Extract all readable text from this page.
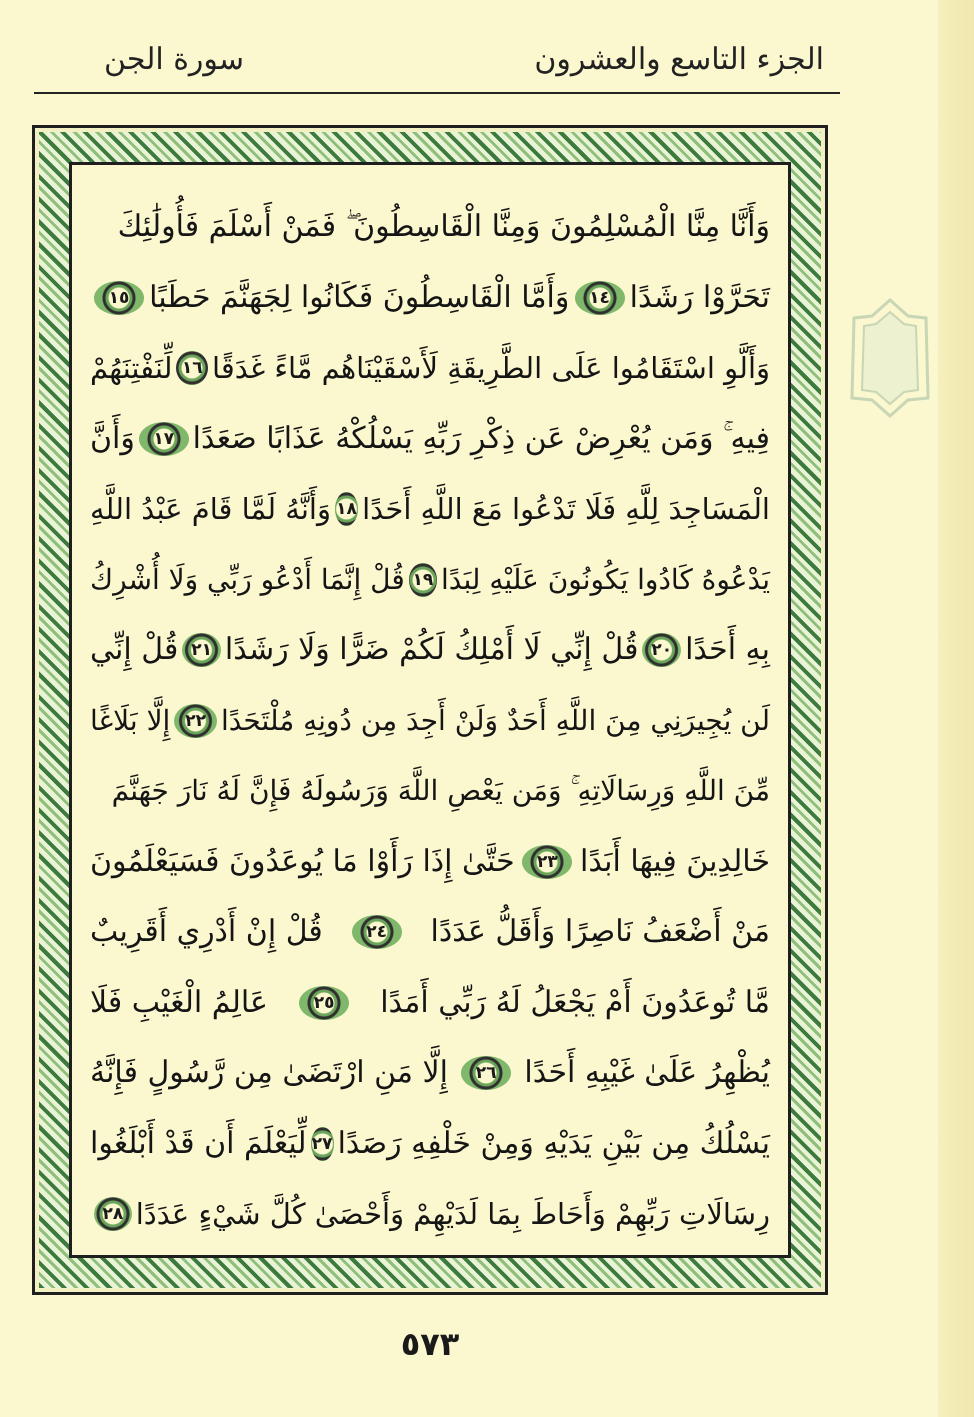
الجزء التاسع والعشرون
سورة الجن
وَأَنَّا مِنَّا الْمُسْلِمُونَ وَمِنَّا الْقَاسِطُونَ ۖ فَمَنْ أَسْلَمَ فَأُولَٰئِكَ
تَحَرَّوْا رَشَدًا
١٤
وَأَمَّا الْقَاسِطُونَ فَكَانُوا لِجَهَنَّمَ حَطَبًا
١٥
وَأَلَّوِ اسْتَقَامُوا عَلَى الطَّرِيقَةِ لَأَسْقَيْنَاهُم مَّاءً غَدَقًا
١٦
لِّنَفْتِنَهُمْ
فِيهِ ۚ وَمَن يُعْرِضْ عَن ذِكْرِ رَبِّهِ يَسْلُكْهُ عَذَابًا صَعَدًا
١٧
وَأَنَّ
الْمَسَاجِدَ لِلَّهِ فَلَا تَدْعُوا مَعَ اللَّهِ أَحَدًا
١٨
وَأَنَّهُ لَمَّا قَامَ عَبْدُ اللَّهِ
يَدْعُوهُ كَادُوا يَكُونُونَ عَلَيْهِ لِبَدًا
١٩
قُلْ إِنَّمَا أَدْعُو رَبِّي وَلَا أُشْرِكُ
بِهِ أَحَدًا
٢٠
قُلْ إِنِّي لَا أَمْلِكُ لَكُمْ ضَرًّا وَلَا رَشَدًا
٢١
قُلْ إِنِّي
لَن يُجِيرَنِي مِنَ اللَّهِ أَحَدٌ وَلَنْ أَجِدَ مِن دُونِهِ مُلْتَحَدًا
٢٢
إِلَّا بَلَاغًا
مِّنَ اللَّهِ وَرِسَالَاتِهِ ۚ وَمَن يَعْصِ اللَّهَ وَرَسُولَهُ فَإِنَّ لَهُ نَارَ جَهَنَّمَ
خَالِدِينَ فِيهَا أَبَدًا
٢٣
حَتَّىٰ إِذَا رَأَوْا مَا يُوعَدُونَ فَسَيَعْلَمُونَ
مَنْ أَضْعَفُ نَاصِرًا وَأَقَلُّ عَدَدًا
٢٤
قُلْ إِنْ أَدْرِي أَقَرِيبٌ
مَّا تُوعَدُونَ أَمْ يَجْعَلُ لَهُ رَبِّي أَمَدًا
٢٥
عَالِمُ الْغَيْبِ فَلَا
يُظْهِرُ عَلَىٰ غَيْبِهِ أَحَدًا
٢٦
إِلَّا مَنِ ارْتَضَىٰ مِن رَّسُولٍ فَإِنَّهُ
يَسْلُكُ مِن بَيْنِ يَدَيْهِ وَمِنْ خَلْفِهِ رَصَدًا
٢٧
لِّيَعْلَمَ أَن قَدْ أَبْلَغُوا
رِسَالَاتِ رَبِّهِمْ وَأَحَاطَ بِمَا لَدَيْهِمْ وَأَحْصَىٰ كُلَّ شَيْءٍ عَدَدًا
٢٨
٥٧٣
